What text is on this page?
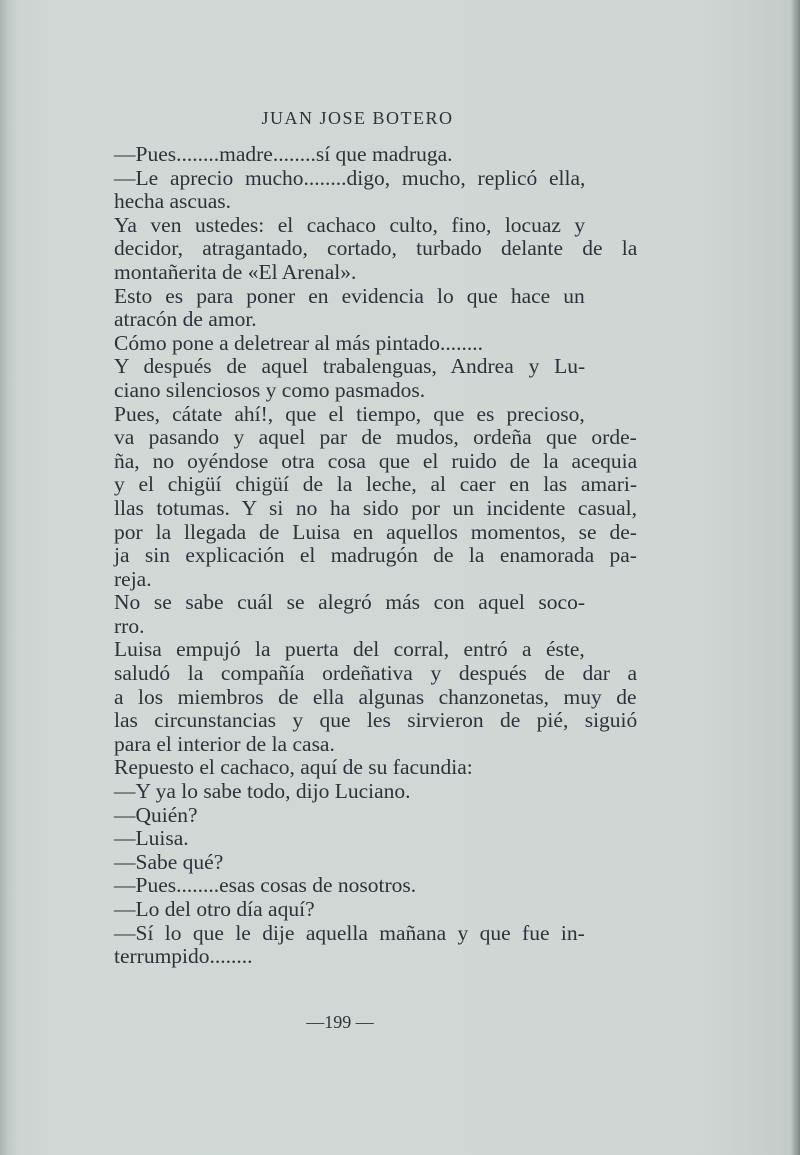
JUAN JOSE BOTERO
—Pues........madre........sí que madruga.
—Le aprecio mucho........digo, mucho, replicó ella,
hecha ascuas.
Ya ven ustedes: el cachaco culto, fino, locuaz y
decidor, atragantado, cortado, turbado delante de la
montañerita de «El Arenal».
Esto es para poner en evidencia lo que hace un
atracón de amor.
Cómo pone a deletrear al más pintado........
Y después de aquel trabalenguas, Andrea y Lu-
ciano silenciosos y como pasmados.
Pues, cátate ahí!, que el tiempo, que es precioso,
va pasando y aquel par de mudos, ordeña que orde-
ña, no oyéndose otra cosa que el ruido de la acequia
y el chigüí chigüí de la leche, al caer en las amari-
llas totumas. Y si no ha sido por un incidente casual,
por la llegada de Luisa en aquellos momentos, se de-
ja sin explicación el madrugón de la enamorada pa-
reja.
No se sabe cuál se alegró más con aquel soco-
rro.
Luisa empujó la puerta del corral, entró a éste,
saludó la compañía ordeñativa y después de dar a
a los miembros de ella algunas chanzonetas, muy de
las circunstancias y que les sirvieron de pié, siguió
para el interior de la casa.
Repuesto el cachaco, aquí de su facundia:
—Y ya lo sabe todo, dijo Luciano.
—Quién?
—Luisa.
—Sabe qué?
—Pues........esas cosas de nosotros.
—Lo del otro día aquí?
—Sí lo que le dije aquella mañana y que fue in-
terrumpido........
—199 —
